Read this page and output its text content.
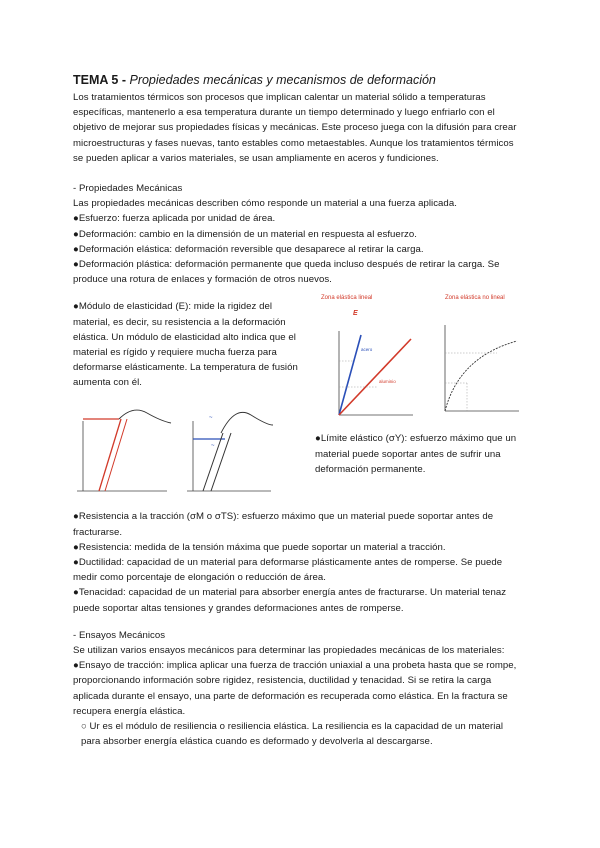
TEMA 5 - Propiedades mecánicas y mecanismos de deformación

Los tratamientos térmicos son procesos que implican calentar un material sólido a temperaturas específicas, mantenerlo a esa temperatura durante un tiempo determinado y luego enfriarlo con el objetivo de mejorar sus propiedades físicas y mecánicas. Este proceso juega con la difusión para crear microestructuras y fases nuevas, tanto estables como metaestables. Aunque los tratamientos térmicos se pueden aplicar a varios materiales, se usan ampliamente en aceros y fundiciones.

- Propiedades Mecánicas
Las propiedades mecánicas describen cómo responde un material a una fuerza aplicada.
●Esfuerzo: fuerza aplicada por unidad de área.
●Deformación: cambio en la dimensión de un material en respuesta al esfuerzo.
●Deformación elástica: deformación reversible que desaparece al retirar la carga.
●Deformación plástica: deformación permanente que queda incluso después de retirar la carga. Se produce una rotura de enlaces y formación de otros nuevos.
●Módulo de elasticidad (E): mide la rigidez del material, es decir, su resistencia a la deformación elástica. Un módulo de elasticidad alto indica que el material es rígido y requiere mucha fuerza para deformarse elásticamente. La temperatura de fusión aumenta con él.
Zona elástica lineal
E
acero
aluminio
Zona elástica no lineal
~
~
●Límite elástico (σY): esfuerzo máximo que un material puede soportar antes de sufrir una deformación permanente.
●Resistencia a la tracción (σM o σTS): esfuerzo máximo que un material puede soportar antes de fracturarse.
●Resistencia: medida de la tensión máxima que puede soportar un material a tracción.
●Ductilidad: capacidad de un material para deformarse plásticamente antes de romperse. Se puede medir como porcentaje de elongación o reducción de área.
●Tenacidad: capacidad de un material para absorber energía antes de fracturarse. Un material tenaz puede soportar altas tensiones y grandes deformaciones antes de romperse.
- Ensayos Mecánicos
Se utilizan varios ensayos mecánicos para determinar las propiedades mecánicas de los materiales:
●Ensayo de tracción: implica aplicar una fuerza de tracción uniaxial a una probeta hasta que se rompe, proporcionando información sobre rigidez, resistencia, ductilidad y tenacidad. Si se retira la carga aplicada durante el ensayo, una parte de deformación es recuperada como elástica. En la fractura se recupera energía elástica.
○ Ur es el módulo de resiliencia o resiliencia elástica. La resiliencia es la capacidad de un material para absorber energía elástica cuando es deformado y devolverla al descargarse.
